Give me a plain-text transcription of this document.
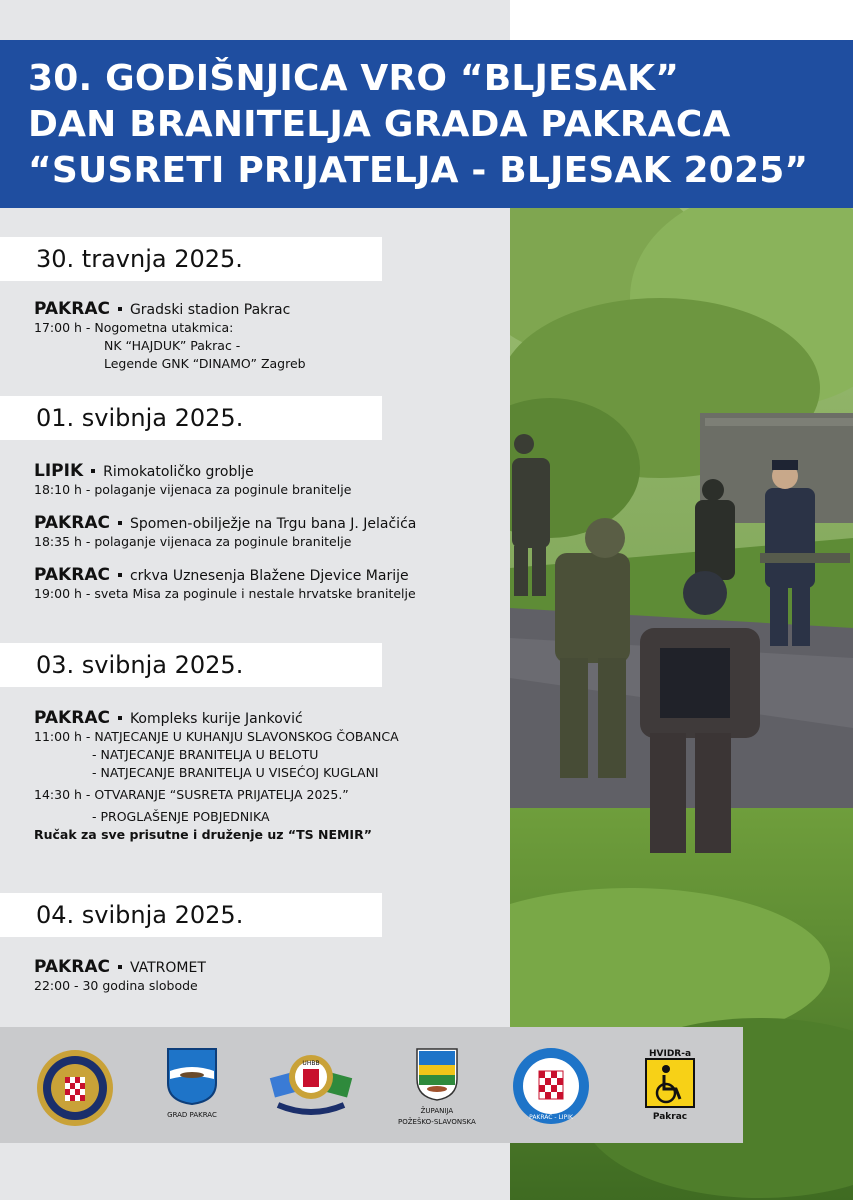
30. GODIŠNJICA VRO “BLJESAK”
DAN BRANITELJA GRADA PAKRACA
“SUSRETI PRIJATELJA - BLJESAK 2025”
30. travnja 2025.
PAKRAC Gradski stadion Pakrac
17:00 h - Nogometna utakmica:
NK “HAJDUK” Pakrac -
Legende GNK “DINAMO” Zagreb
01. svibnja 2025.
LIPIK Rimokatoličko groblje
18:10 h - polaganje vijenaca za poginule branitelje
PAKRAC Spomen-obilježje na Trgu bana J. Jelačića
18:35 h - polaganje vijenaca za poginule branitelje
PAKRAC crkva Uznesenja Blažene Djevice Marije
19:00 h - sveta Misa za poginule i nestale hrvatske branitelje
03. svibnja 2025.
PAKRAC Kompleks kurije Janković
11:00 h - NATJECANJE U KUHANJU SLAVONSKOG ČOBANCA
- NATJECANJE BRANITELJA U BELOTU
- NATJECANJE BRANITELJA U VISEĆOJ KUGLANI
14:30 h - OTVARANJE “SUSRETA PRIJATELJA 2025.”
- PROGLAŠENJE POBJEDNIKA
Ručak za sve prisutne i druženje uz “TS NEMIR”
04. svibnja 2025.
PAKRAC VATROMET
22:00 - 30 godina slobode
GRAD PAKRAC
UHBB
ŽUPANIJA
POŽEŠKO-SLAVONSKA
PAKRAC - LIPIK
HVIDR-a
Pakrac
